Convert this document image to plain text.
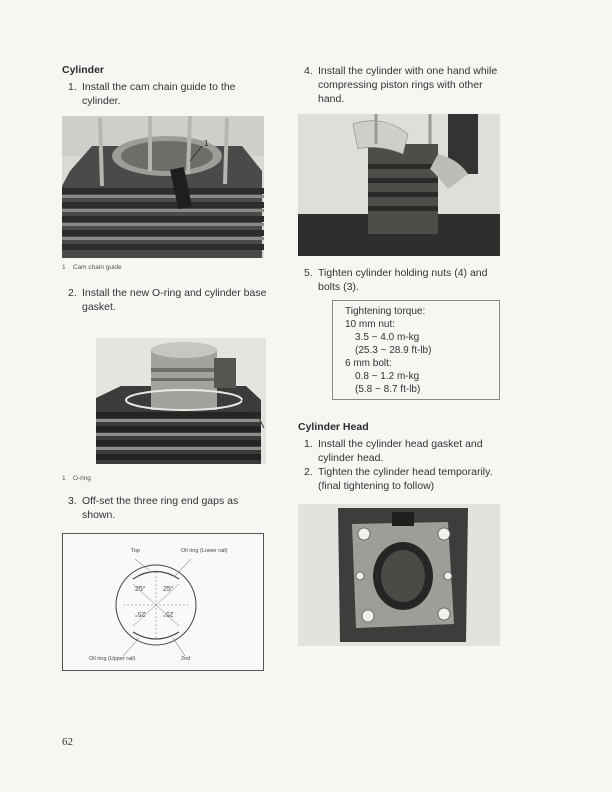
Cylinder
1. Install the cam chain guide to the cylinder.
1
1 Cam chain guide
2. Install the new O-ring and cylinder base gasket.
1 O-ring
3. Off-set the three ring end gaps as shown.
Top	Oil ring (Lower rail)
25° 25°
25° 25°
Oil ring (Upper rail)	2nd
62
4. Install the cylinder with one hand while compressing piston rings with other hand.
5. Tighten cylinder holding nuts (4) and bolts (3).
Tightening torque:
10 mm nut:
3.5 ~ 4.0 m-kg
(25.3 ~ 28.9 ft-lb)
6 mm bolt:
0.8 ~ 1.2 m-kg
(5.8 ~ 8.7 ft-lb)
Cylinder Head
1. Install the cylinder head gasket and cylinder head.
2. Tighten the cylinder head temporarily. (final tightening to follow)
